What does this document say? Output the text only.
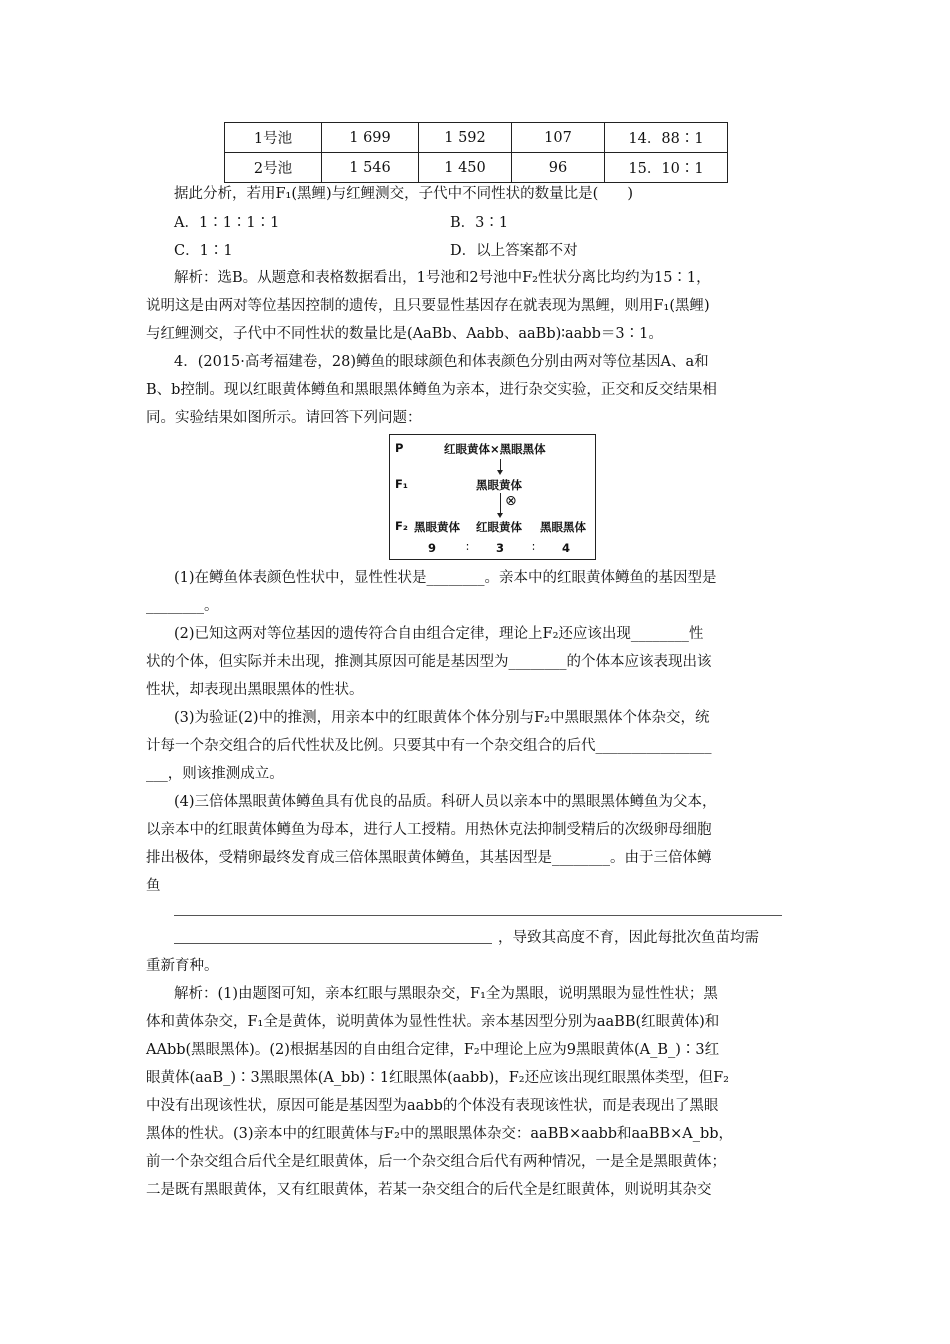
1号池	1 699	1 592	107	14．88∶1
2号池	1 546	1 450	96	15．10∶1
据此分析，若用F₁(黑鲤)与红鲤测交，子代中不同性状的数量比是(　　)
A．1∶1∶1∶1	B．3∶1
C．1∶1	D．以上答案都不对
解析：选B。从题意和表格数据看出，1号池和2号池中F₂性状分离比均约为15∶1，
说明这是由两对等位基因控制的遗传，且只要显性基因存在就表现为黑鲤，则用F₁(黑鲤)
与红鲤测交，子代中不同性状的数量比是(AaBb、Aabb、aaBb)∶aabb＝3∶1。
4．(2015·高考福建卷，28)鳟鱼的眼球颜色和体表颜色分别由两对等位基因A、a和
B、b控制。现以红眼黄体鳟鱼和黑眼黑体鳟鱼为亲本，进行杂交实验，正交和反交结果相
同。实验结果如图所示。请回答下列问题：
P	红眼黄体×黑眼黑体
F₁	黑眼黄体
⊗
F₂ 黑眼黄体 红眼黄体 黑眼黑体
9	∶ 3 ∶ 4
(1)在鳟鱼体表颜色性状中，显性性状是________。亲本中的红眼黄体鳟鱼的基因型是
________。
(2)已知这两对等位基因的遗传符合自由组合定律，理论上F₂还应该出现________性
状的个体，但实际并未出现，推测其原因可能是基因型为________的个体本应该表现出该
性状，却表现出黑眼黑体的性状。
(3)为验证(2)中的推测，用亲本中的红眼黄体个体分别与F₂中黑眼黑体个体杂交，统
计每一个杂交组合的后代性状及比例。只要其中有一个杂交组合的后代________________
___，则该推测成立。
(4)三倍体黑眼黄体鳟鱼具有优良的品质。科研人员以亲本中的黑眼黑体鳟鱼为父本，
以亲本中的红眼黄体鳟鱼为母本，进行人工授精。用热休克法抑制受精后的次级卵母细胞
排出极体，受精卵最终发育成三倍体黑眼黄体鳟鱼，其基因型是________。由于三倍体鳟
鱼
，导致其高度不育，因此每批次鱼苗均需
重新育种。
解析：(1)由题图可知，亲本红眼与黑眼杂交，F₁全为黑眼，说明黑眼为显性性状；黑
体和黄体杂交，F₁全是黄体，说明黄体为显性性状。亲本基因型分别为aaBB(红眼黄体)和
AAbb(黑眼黑体)。(2)根据基因的自由组合定律，F₂中理论上应为9黑眼黄体(A_B_)∶3红
眼黄体(aaB_)∶3黑眼黑体(A_bb)∶1红眼黑体(aabb)，F₂还应该出现红眼黑体类型，但F₂
中没有出现该性状，原因可能是基因型为aabb的个体没有表现该性状，而是表现出了黑眼
黑体的性状。(3)亲本中的红眼黄体与F₂中的黑眼黑体杂交：aaBB×aabb和aaBB×A_bb，
前一个杂交组合后代全是红眼黄体，后一个杂交组合后代有两种情况，一是全是黑眼黄体；
二是既有黑眼黄体，又有红眼黄体，若某一杂交组合的后代全是红眼黄体，则说明其杂交
